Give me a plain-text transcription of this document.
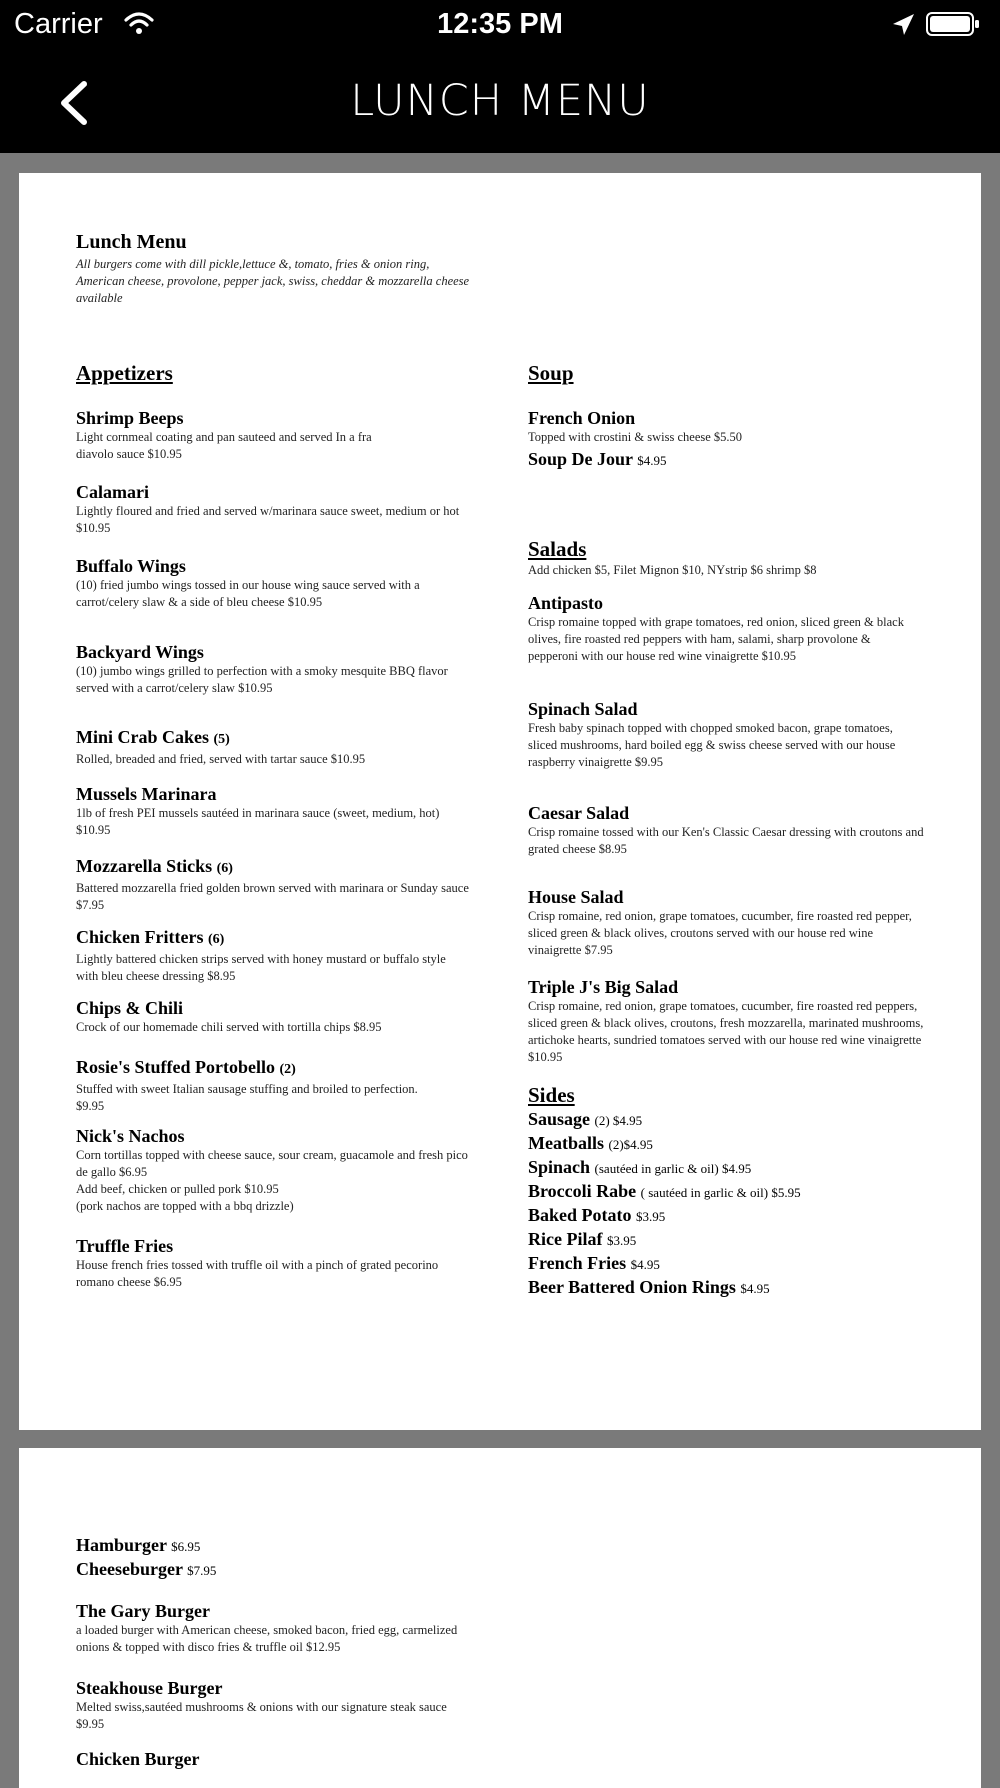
Carrier	12:35 PM
LUNCH MENU
Lunch Menu

All burgers come with dill pickle,lettuce &, tomato, fries & onion ring, American cheese, provolone, pepper jack, swiss, cheddar & mozzarella cheese available

Appetizers
Shrimp Beeps
Light cornmeal coating and pan sauteed and served In a fra diavolo sauce $10.95
Calamari
Lightly floured and fried and served w/marinara sauce sweet, medium or hot $10.95
Buffalo Wings
(10) fried jumbo wings tossed in our house wing sauce served with a carrot/celery slaw & a side of bleu cheese $10.95
Backyard Wings
(10) jumbo wings grilled to perfection with a smoky mesquite BBQ flavor served with a carrot/celery slaw $10.95
Mini Crab Cakes (5)
Rolled, breaded and fried, served with tartar sauce $10.95
Mussels Marinara
1lb of fresh PEI mussels sautéed in marinara sauce (sweet, medium, hot) $10.95
Mozzarella Sticks (6)
Battered mozzarella fried golden brown served with marinara or Sunday sauce $7.95
Chicken Fritters (6)
Lightly battered chicken strips served with honey mustard or buffalo style with bleu cheese dressing $8.95
Chips & Chili
Crock of our homemade chili served with tortilla chips $8.95
Rosie's Stuffed Portobello (2)
Stuffed with sweet Italian sausage stuffing and broiled to perfection. $9.95
Nick's Nachos
Corn tortillas topped with cheese sauce, sour cream, guacamole and fresh pico de gallo $6.95
Add beef, chicken or pulled pork $10.95
(pork nachos are topped with a bbq drizzle)
Truffle Fries
House french fries tossed with truffle oil with a pinch of grated pecorino romano cheese $6.95
Soup
French Onion
Topped with crostini & swiss cheese $5.50
Soup De Jour $4.95
Salads
Add chicken $5, Filet Mignon $10, NYstrip $6 shrimp $8
Antipasto
Crisp romaine topped with grape tomatoes, red onion, sliced green & black olives, fire roasted red peppers with ham, salami, sharp provolone & pepperoni with our house red wine vinaigrette $10.95
Spinach Salad
Fresh baby spinach topped with chopped smoked bacon, grape tomatoes, sliced mushrooms, hard boiled egg & swiss cheese served with our house raspberry vinaigrette $9.95
Caesar Salad
Crisp romaine tossed with our Ken's Classic Caesar dressing with croutons and grated cheese $8.95
House Salad
Crisp romaine, red onion, grape tomatoes, cucumber, fire roasted red pepper, sliced green & black olives, croutons served with our house red wine vinaigrette $7.95
Triple J's Big Salad
Crisp romaine, red onion, grape tomatoes, cucumber, fire roasted red peppers, sliced green & black olives, croutons, fresh mozzarella, marinated mushrooms, artichoke hearts, sundried tomatoes served with our house red wine vinaigrette $10.95
Sides
Sausage (2) $4.95
Meatballs (2)$4.95
Spinach (sautéed in garlic & oil) $4.95
Broccoli Rabe ( sautéed in garlic & oil) $5.95
Baked Potato $3.95
Rice Pilaf $3.95
French Fries $4.95
Beer Battered Onion Rings $4.95
Hamburger $6.95
Cheeseburger $7.95
The Gary Burger
a loaded burger with American cheese, smoked bacon, fried egg, carmelized onions & topped with disco fries & truffle oil $12.95
Steakhouse Burger
Melted swiss,sautéed mushrooms & onions with our signature steak sauce $9.95
Chicken Burger
